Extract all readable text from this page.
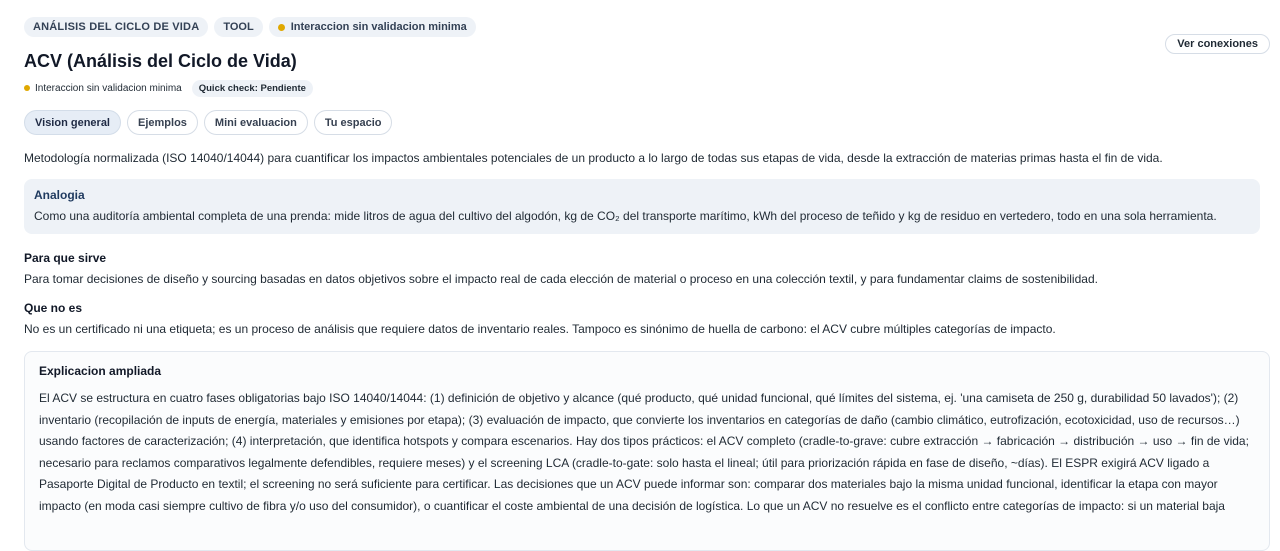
ANÁLISIS DEL CICLO DE VIDA	TOOL	Interaccion sin validacion minima
Ver conexiones
ACV (Análisis del Ciclo de Vida)
Interaccion sin validacion minima	Quick check: Pendiente
Vision general	Ejemplos	Mini evaluacion	Tu espacio
Metodología normalizada (ISO 14040/14044) para cuantificar los impactos ambientales potenciales de un producto a lo largo de todas sus etapas de vida, desde la extracción de materias primas hasta el fin de vida.
Analogia

Como una auditoría ambiental completa de una prenda: mide litros de agua del cultivo del algodón, kg de CO₂ del transporte marítimo, kWh del proceso de teñido y kg de residuo en vertedero, todo en una sola herramienta.

Para que sirve

Para tomar decisiones de diseño y sourcing basadas en datos objetivos sobre el impacto real de cada elección de material o proceso en una colección textil, y para fundamentar claims de sostenibilidad.

Que no es

No es un certificado ni una etiqueta; es un proceso de análisis que requiere datos de inventario reales. Tampoco es sinónimo de huella de carbono: el ACV cubre múltiples categorías de impacto.

Explicacion ampliada

El ACV se estructura en cuatro fases obligatorias bajo ISO 14040/14044: (1) definición de objetivo y alcance (qué producto, qué unidad funcional, qué límites del sistema, ej. 'una camiseta de 250 g, durabilidad 50 lavados'); (2) inventario (recopilación de inputs de energía, materiales y emisiones por etapa); (3) evaluación de impacto, que convierte los inventarios en categorías de daño (cambio climático, eutrofización, ecotoxicidad, uso de recursos…) usando factores de caracterización; (4) interpretación, que identifica hotspots y compara escenarios. Hay dos tipos prácticos: el ACV completo (cradle-to-grave: cubre extracción → fabricación → distribución → uso → fin de vida; necesario para reclamos comparativos legalmente defendibles, requiere meses) y el screening LCA (cradle-to-gate: solo hasta el lineal; útil para priorización rápida en fase de diseño, ~días). El ESPR exigirá ACV ligado a Pasaporte Digital de Producto en textil; el screening no será suficiente para certificar. Las decisiones que un ACV puede informar son: comparar dos materiales bajo la misma unidad funcional, identificar la etapa con mayor impacto (en moda casi siempre cultivo de fibra y/o uso del consumidor), o cuantificar el coste ambiental de una decisión de logística. Lo que un ACV no resuelve es el conflicto entre categorías de impacto: si un material baja
